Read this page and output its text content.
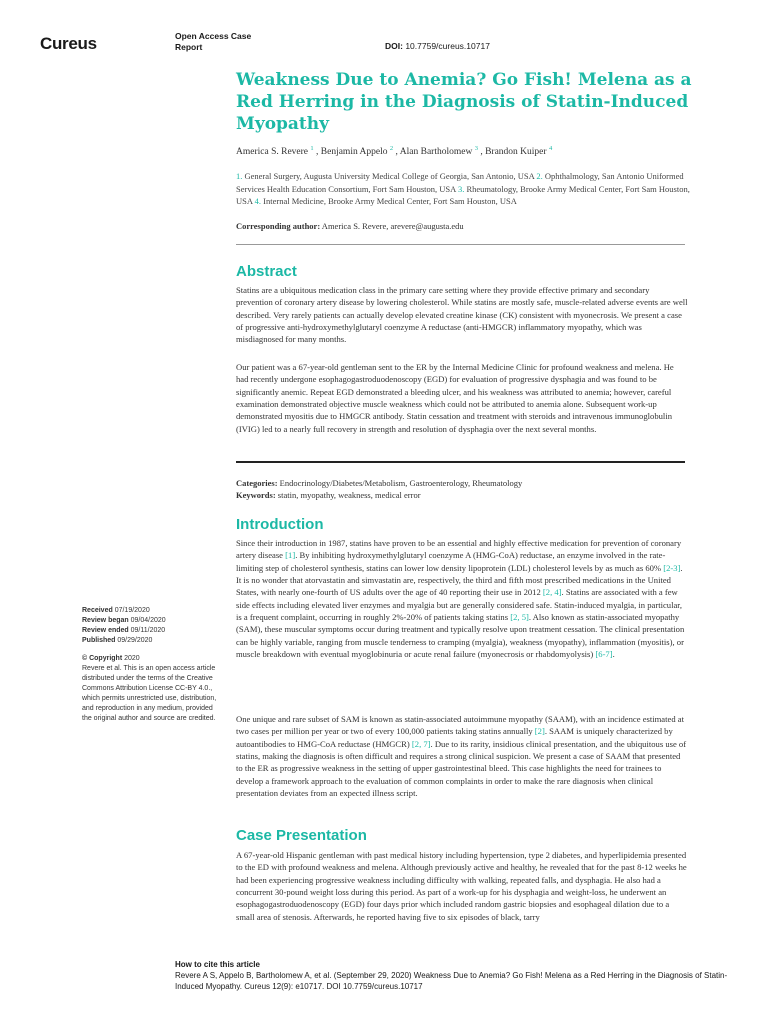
Cureus	Open Access Case
Report	DOI: 10.7759/cureus.10717
Weakness Due to Anemia? Go Fish! Melena as a Red Herring in the Diagnosis of Statin-Induced Myopathy
America S. Revere $^1$ , Benjamin Appelo $^2$ , Alan Bartholomew $^3$ , Brandon Kuiper $^4$
1. General Surgery, Augusta University Medical College of Georgia, San Antonio, USA 2. Ophthalmology, San Antonio Uniformed Services Health Education Consortium, Fort Sam Houston, USA 3. Rheumatology, Brooke Army Medical Center, Fort Sam Houston, USA 4. Internal Medicine, Brooke Army Medical Center, Fort Sam Houston, USA
Corresponding author: America S. Revere, arevere@augusta.edu
Abstract

Statins are a ubiquitous medication class in the primary care setting where they provide effective primary and secondary prevention of coronary artery disease by lowering cholesterol. While statins are mostly safe, muscle-related adverse events are well described. Very rarely patients can actually develop elevated creatine kinase (CK) consistent with myonecrosis. We present a case of progressive anti-hydroxymethylglutaryl coenzyme A reductase (anti-HMGCR) inflammatory myopathy, which was misdiagnosed for many months.

Our patient was a 67-year-old gentleman sent to the ER by the Internal Medicine Clinic for profound weakness and melena. He had recently undergone esophagogastroduodenoscopy (EGD) for evaluation of progressive dysphagia and was found to be significantly anemic. Repeat EGD demonstrated a bleeding ulcer, and his weakness was attributed to anemia; however, careful examination demonstrated objective muscle weakness which could not be attributed to anemia alone. Subsequent work-up demonstrated myositis due to HMGCR antibody. Statin cessation and treatment with steroids and intravenous immunoglobulin (IVIG) led to a nearly full recovery in strength and resolution of dysphagia over the next several months.

Categories: Endocrinology/Diabetes/Metabolism, Gastroenterology, Rheumatology
Keywords: statin, myopathy, weakness, medical error
Introduction

Since their introduction in 1987, statins have proven to be an essential and highly effective medication for prevention of coronary artery disease [1]. By inhibiting hydroxymethylglutaryl coenzyme A (HMG-CoA) reductase, an enzyme involved in the rate-limiting step of cholesterol synthesis, statins can lower low density lipoprotein (LDL) cholesterol levels by as much as 60% [2-3]. It is no wonder that atorvastatin and simvastatin are, respectively, the third and fifth most prescribed medications in the United States, with nearly one-fourth of US adults over the age of 40 reporting their use in 2012 [2, 4]. Statins are associated with a few side effects including elevated liver enzymes and myalgia but are generally considered safe. Statin-induced myalgia, in particular, is a frequent complaint, occurring in roughly 2%-20% of patients taking statins [2, 5]. Also known as statin-associated myopathy (SAM), these muscular symptoms occur during treatment and typically resolve upon treatment cessation. The clinical presentation can be highly variable, ranging from muscle tenderness to cramping (myalgia), weakness (myopathy), inflammation (myositis), or muscle breakdown with eventual myoglobinuria or acute renal failure (myonecrosis or rhabdomyolysis) [6-7].

One unique and rare subset of SAM is known as statin-associated autoimmune myopathy (SAAM), with an incidence estimated at two cases per million per year or two of every 100,000 patients taking statins annually [2]. SAAM is uniquely characterized by autoantibodies to HMG-CoA reductase (HMGCR) [2, 7]. Due to its rarity, insidious clinical presentation, and the ubiquitous use of statins, making the diagnosis is often difficult and requires a strong clinical suspicion. We present a case of SAAM that presented to the ER as progressive weakness in the setting of upper gastrointestinal bleed. This case highlights the need for trainees to develop a framework approach to the evaluation of common complaints in order to make the rare diagnosis when clinical presentation deviates from an expected illness script.

Case Presentation

A 67-year-old Hispanic gentleman with past medical history including hypertension, type 2 diabetes, and hyperlipidemia presented to the ED with profound weakness and melena. Although previously active and healthy, he revealed that for the past 8-12 weeks he had been experiencing progressive weakness including difficulty with walking, repeated falls, and dysphagia. He also had a concurrent 30-pound weight loss during this period. As part of a work-up for his dysphagia and weight-loss, he underwent an esophagogastroduodenoscopy (EGD) four days prior which included random gastric biopsies and esophageal dilation due to a small area of stenosis. Afterwards, he reported having five to six episodes of black, tarry

Received 07/19/2020
Review began 09/04/2020
Review ended 09/11/2020
Published 09/29/2020
© Copyright 2020
Revere et al. This is an open access article distributed under the terms of the Creative Commons Attribution License CC-BY 4.0., which permits unrestricted use, distribution, and reproduction in any medium, provided the original author and source are credited.
How to cite this article
Revere A S, Appelo B, Bartholomew A, et al. (September 29, 2020) Weakness Due to Anemia? Go Fish! Melena as a Red Herring in the Diagnosis of Statin-Induced Myopathy. Cureus 12(9): e10717. DOI 10.7759/cureus.10717
